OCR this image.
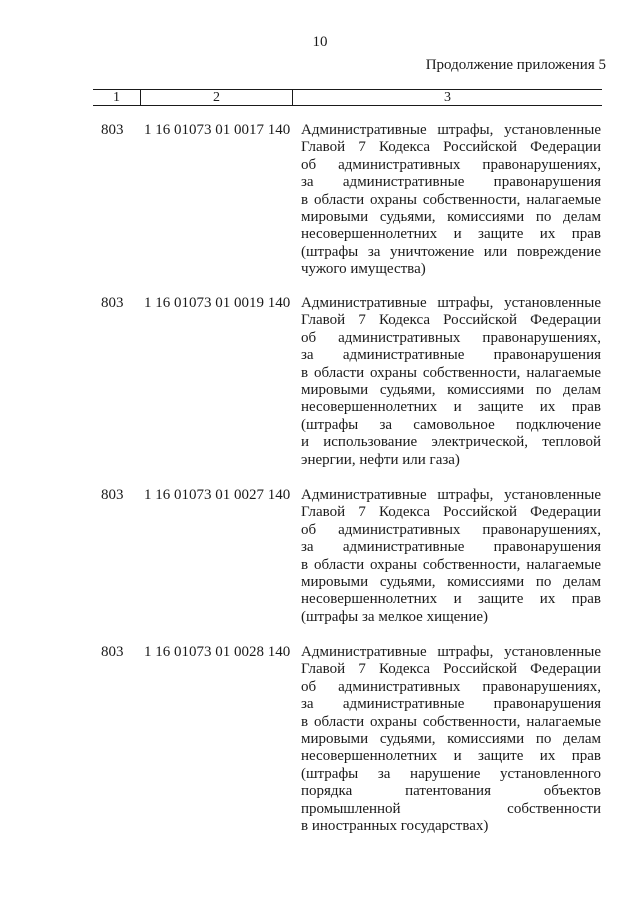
10
Продолжение приложения 5
1	2	3
803 1 16 01073 01 0017 140 Административные штрафы, установленные
Главой 7 Кодекса Российской Федерации
об административных правонарушениях,
за административные правонарушения
в области охраны собственности, налагаемые
мировыми судьями, комиссиями по делам
несовершеннолетних и защите их прав
(штрафы за уничтожение или повреждение
чужого имущества)
803 1 16 01073 01 0019 140 Административные штрафы, установленные
Главой 7 Кодекса Российской Федерации
об административных правонарушениях,
за административные правонарушения
в области охраны собственности, налагаемые
мировыми судьями, комиссиями по делам
несовершеннолетних и защите их прав
(штрафы за самовольное подключение
и использование электрической, тепловой
энергии, нефти или газа)
803 1 16 01073 01 0027 140 Административные штрафы, установленные
Главой 7 Кодекса Российской Федерации
об административных правонарушениях,
за административные правонарушения
в области охраны собственности, налагаемые
мировыми судьями, комиссиями по делам
несовершеннолетних и защите их прав
(штрафы за мелкое хищение)
803 1 16 01073 01 0028 140 Административные штрафы, установленные
Главой 7 Кодекса Российской Федерации
об административных правонарушениях,
за административные правонарушения
в области охраны собственности, налагаемые
мировыми судьями, комиссиями по делам
несовершеннолетних и защите их прав
(штрафы за нарушение установленного
порядка патентования объектов
промышленной собственности
в иностранных государствах)
